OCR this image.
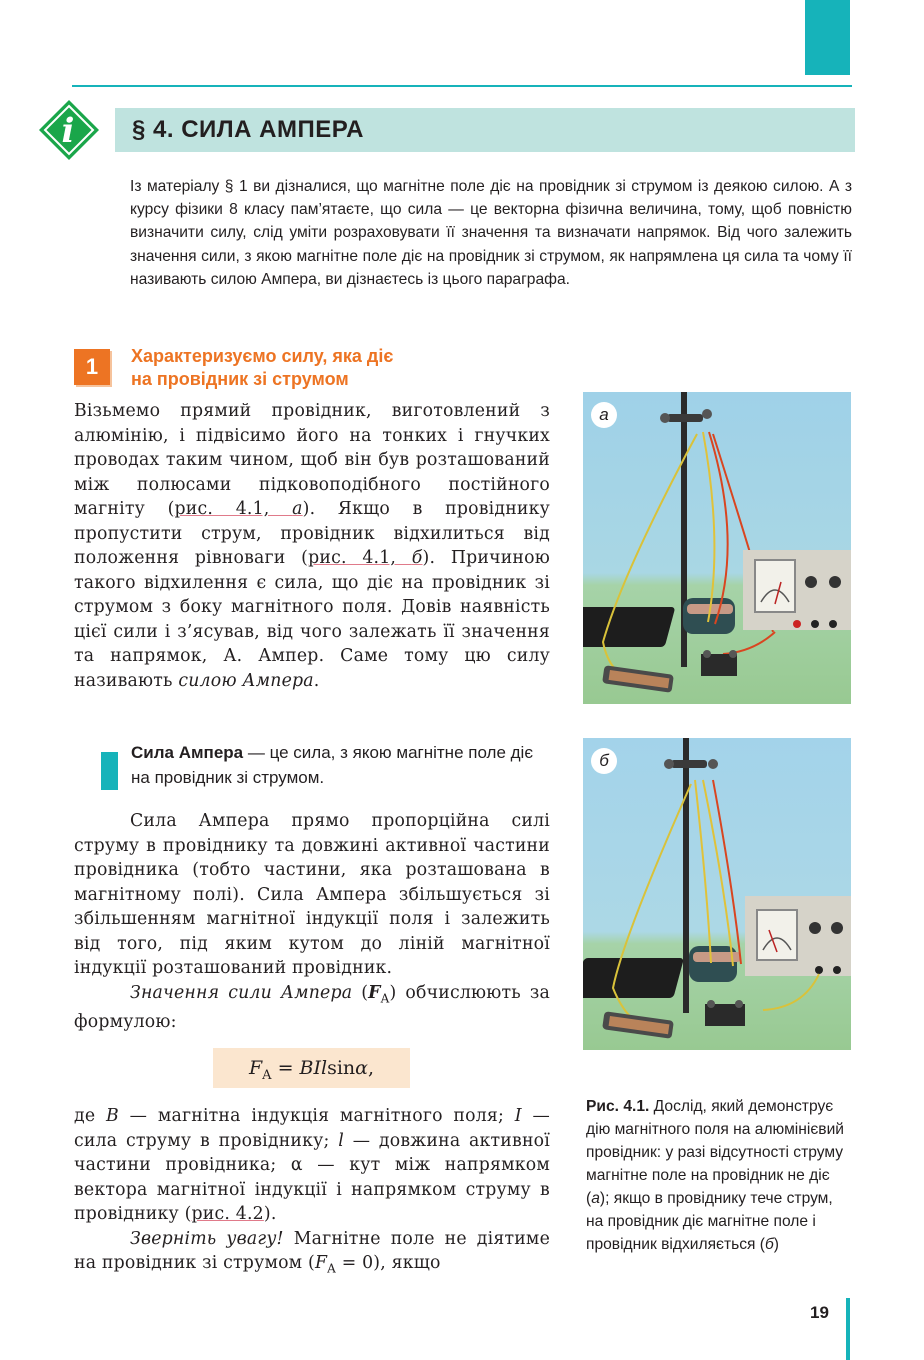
i § 4. СИЛА АМПЕРА
Із матеріалу § 1 ви дізналися, що магнітне поле діє на провідник зі струмом із деякою силою. А з курсу фізики 8 класу пам’ятаєте, що сила — це векторна фізична величина, тому, щоб повністю визначити силу, слід уміти розраховувати її значення та визначати напрямок. Від чого залежить значення сили, з якою магнітне поле діє на провідник зі струмом, як напрямлена ця сила та чому її називають силою Ампера, ви дізнаєтесь із цього параграфа.
1	Характеризуємо силу, яка діє
на провідник зі струмом
Візьмемо прямий провідник, виготовлений з алюмінію, і підвісимо його на тонких і гнучких проводах таким чином, щоб він був розташований між полюсами підковоподібного постійного магніту (рис. 4.1, а). Якщо в провіднику пропустити струм, провідник відхилиться від положення рівноваги (рис. 4.1, б). Причиною такого відхилення є сила, що діє на провідник зі струмом з боку магнітного поля. Довів наявність цієї сили і з’ясував, від чого залежать її значення та напрямок, А. Ампер. Саме тому цю силу називають силою Ампера.
Сила Ампера — це сила, з якою магнітне поле діє на провідник зі струмом.
Сила Ампера прямо пропорційна силі струму в провіднику та довжині активної частини провідника (тобто частини, яка розташована в магнітному полі). Сила Ампера збільшується зі збільшенням магнітної індукції поля і залежить від того, під яким кутом до ліній магнітної індукції розташований провідник.
Значення сили Ампера $(F_A)$ обчислюють за формулою:
$F_A = BIlsin\alpha$,
де B — магнітна індукція магнітного поля; I — сила струму в провіднику; l — довжина активної частини провідника; α — кут між напрямком вектора магнітної індукції і напрямком струму в провіднику (рис. 4.2).
Зверніть увагу! Магнітне поле не діятиме на провідник зі струмом $(F_A = 0)$, якщо
а
б
Рис. 4.1. Дослід, який демонструє дію магнітного поля на алюмінієвий провідник: у разі відсутності струму магнітне поле на провідник не діє (а); якщо в провіднику тече струм, на провідник діє магнітне поле і провідник відхиляється (б)
19
